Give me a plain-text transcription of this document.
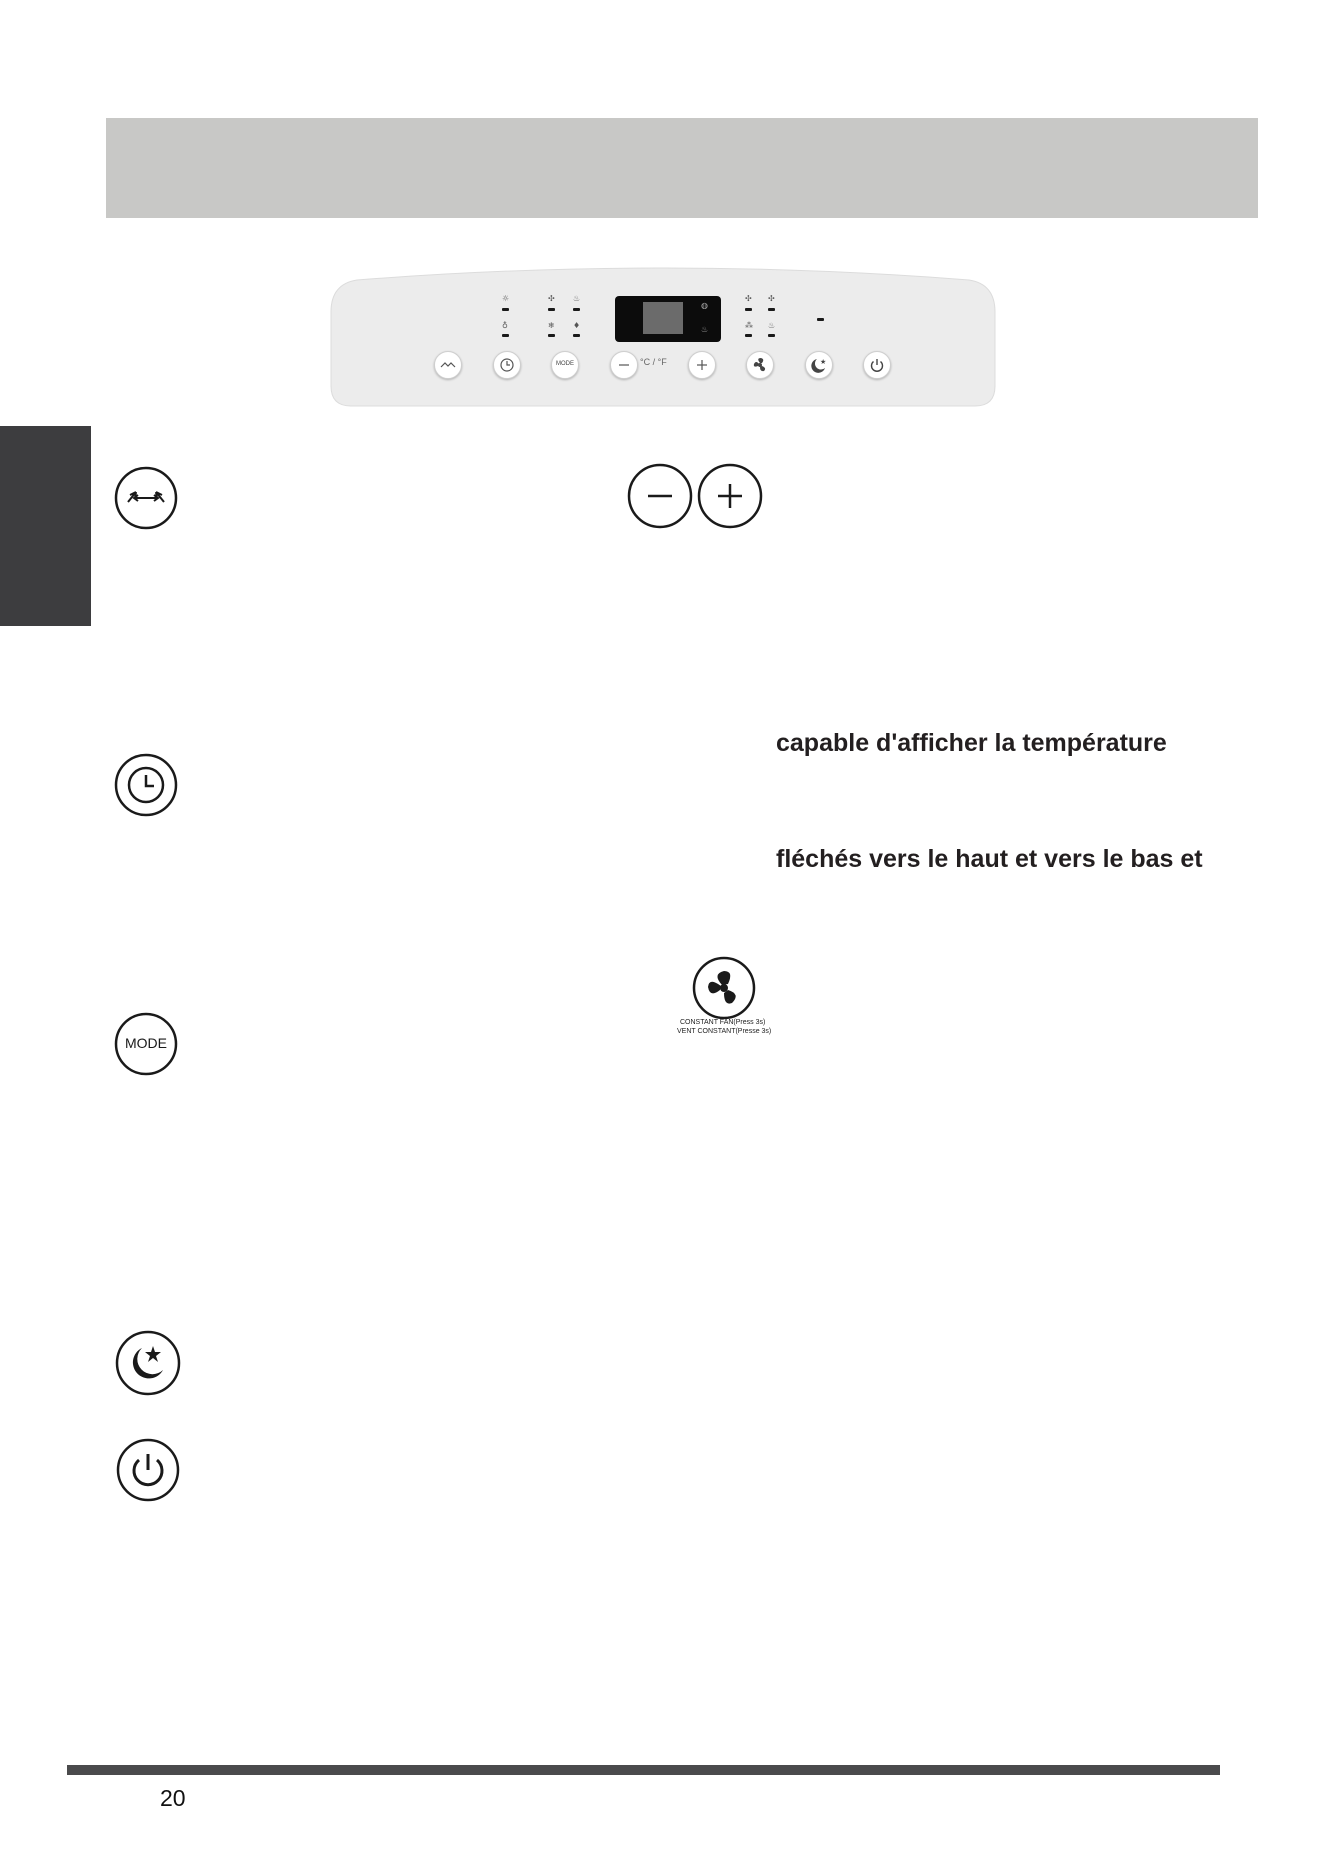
☼
♁
✣
❄
♨
♦
◍
♨
✣
⁂
✣
♨
MODE	°C / °F	★
capable d'afficher la température
fléchés vers le haut et vers le bas et
CONSTANT FAN(Press 3s)
VENT CONSTANT(Presse 3s)
MODE
20
